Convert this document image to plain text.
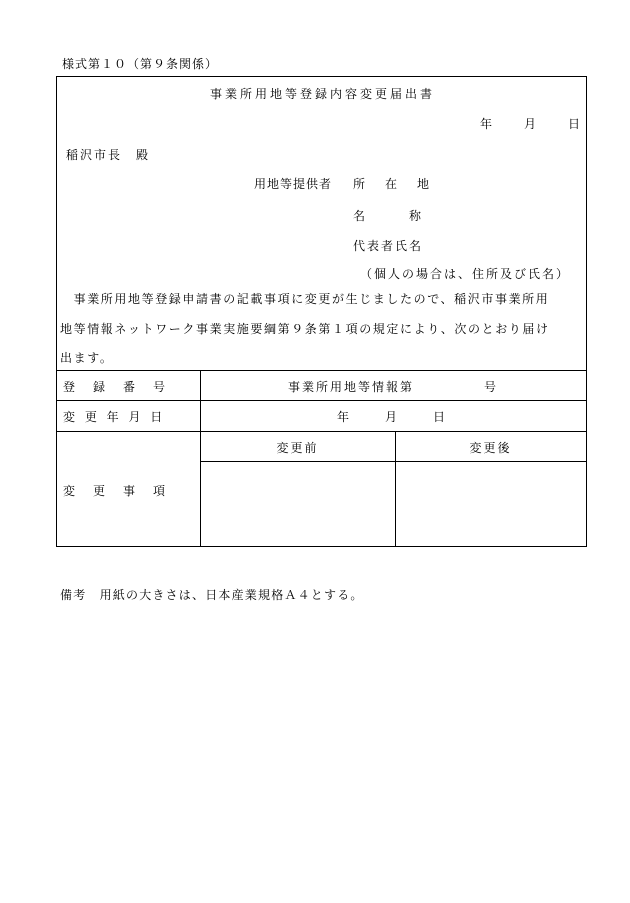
様式第１０（第９条関係）
事業所用地等登録内容変更届出書
年	月	日
稲沢市長　殿
用地等提供者 所　在　地
名　　　称
代表者氏名
（個人の場合は、住所及び氏名）
　事業所用地等登録申請書の記載事項に変更が生じましたので、稲沢市事業所用
地等情報ネットワーク事業実施要綱第９条第１項の規定により、次のとおり届け
出ます。
登　録　番　号	事業所用地等情報第　　　　　号
変 更 年 月 日	年　　月　　日
変　更　事　項
変更前	変更後
備考　用紙の大きさは、日本産業規格Ａ４とする。
